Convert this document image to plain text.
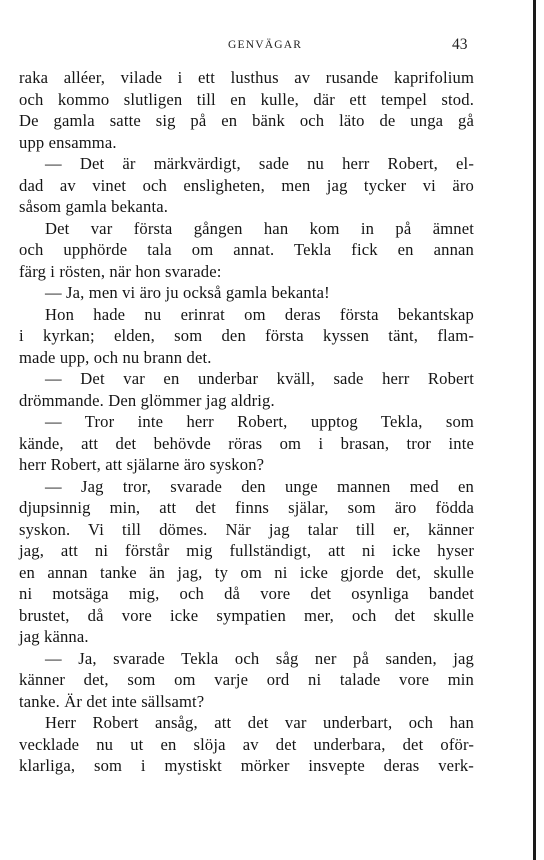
GENVÄGAR	43
raka alléer, vilade i ett lusthus av rusande kaprifolium
och kommo slutligen till en kulle, där ett tempel stod.
De gamla satte sig på en bänk och läto de unga gå
upp ensamma.
— Det är märkvärdigt, sade nu herr Robert, el-
dad av vinet och ensligheten, men jag tycker vi äro
såsom gamla bekanta.
Det var första gången han kom in på ämnet
och upphörde tala om annat. Tekla fick en annan
färg i rösten, när hon svarade:
— Ja, men vi äro ju också gamla bekanta!
Hon hade nu erinrat om deras första bekantskap
i kyrkan; elden, som den första kyssen tänt, flam-
made upp, och nu brann det.
— Det var en underbar kväll, sade herr Robert
drömmande. Den glömmer jag aldrig.
— Tror inte herr Robert, upptog Tekla, som
kände, att det behövde röras om i brasan, tror inte
herr Robert, att själarne äro syskon?
— Jag tror, svarade den unge mannen med en
djupsinnig min, att det finns själar, som äro födda
syskon. Vi till dömes. När jag talar till er, känner
jag, att ni förstår mig fullständigt, att ni icke hyser
en annan tanke än jag, ty om ni icke gjorde det, skulle
ni motsäga mig, och då vore det osynliga bandet
brustet, då vore icke sympatien mer, och det skulle
jag känna.
— Ja, svarade Tekla och såg ner på sanden, jag
känner det, som om varje ord ni talade vore min
tanke. Är det inte sällsamt?
Herr Robert ansåg, att det var underbart, och han
vecklade nu ut en slöja av det underbara, det oför-
klarliga, som i mystiskt mörker insvepte deras verk-
